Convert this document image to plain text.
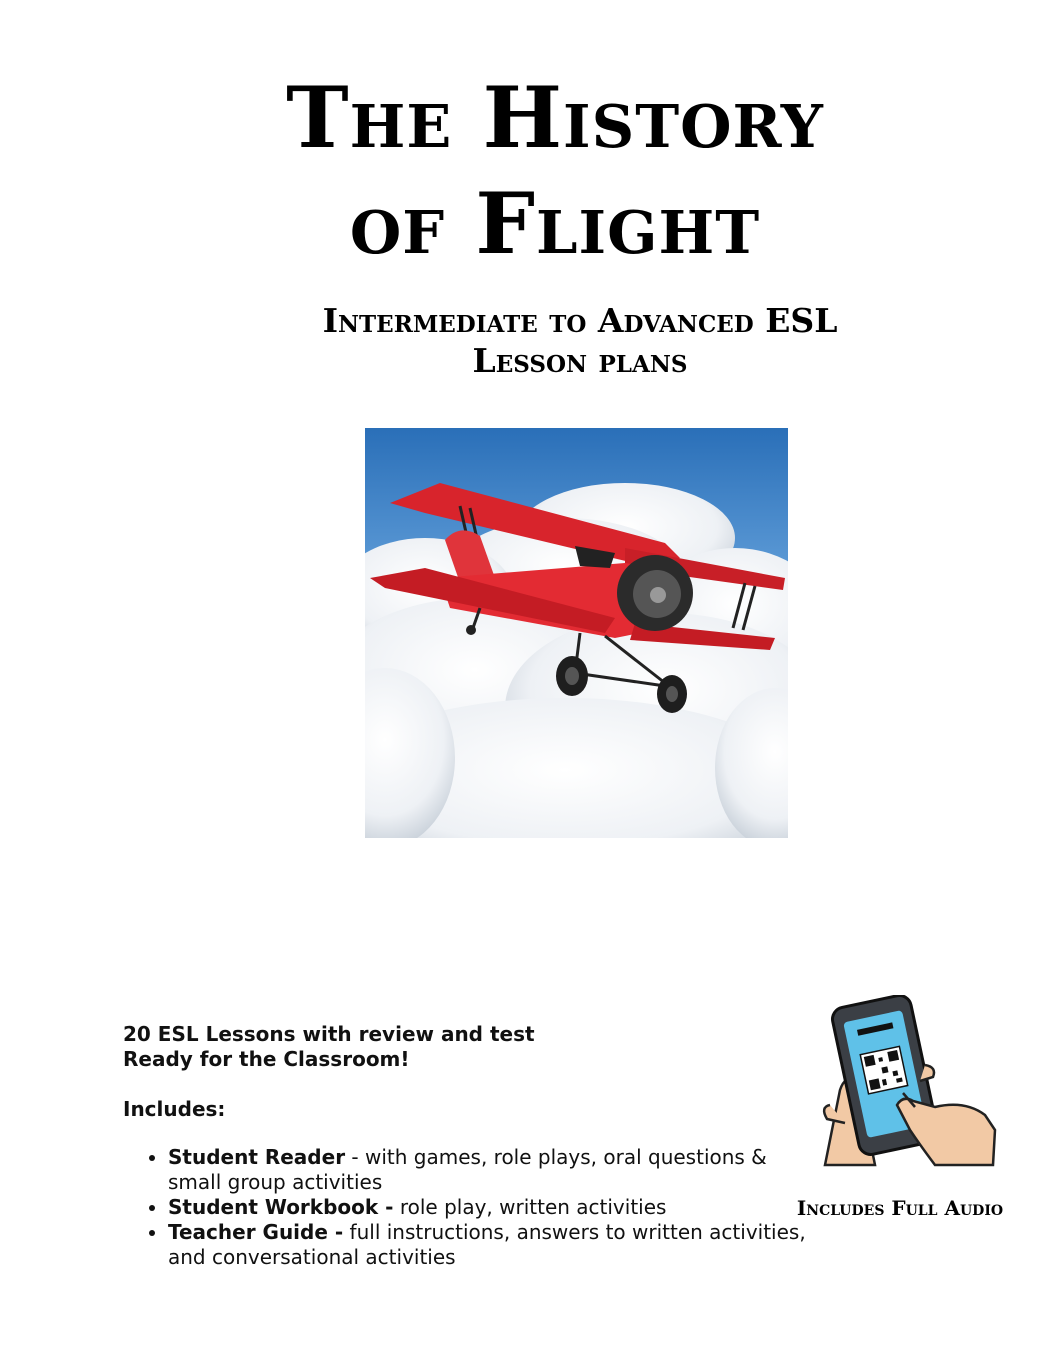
The History
of Flight
Intermediate to Advanced ESL
Lesson plans

20 ESL Lessons with review and test
Ready for the Classroom!

Includes:

• Student Reader - with games, role plays, oral questions & small group activities
• Student Workbook - role play, written activities
• Teacher Guide - full instructions, answers to written activities, and conversational activities

Includes Full Audio
